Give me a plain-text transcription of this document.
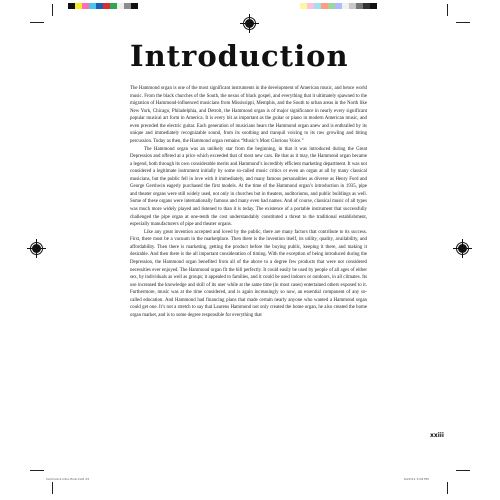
Introduction

The Hammond organ is one of the most significant instruments in the development of American music, and hence world music. From the black churches of the South, the nexus of black gospel, and everything that it ultimately spawned to the migration of Hammond-influenced musicians from Mississippi, Memphis, and the South to urban areas in the North like New York, Chicago, Philadelphia, and Detroit, the Hammond organ is of major significance in nearly every significant popular musical art form in America. It is every bit as important as the guitar or piano in modern American music, and even preceded the electric guitar. Each generation of musicians hears the Hammond organ anew and is enthralled by its unique and immediately recognizable sound, from its soothing and tranquil voicing to its raw growling and biting percussion. Today as then, the Hammond organ remains “Music’s Most Glorious Voice.”

The Hammond organ was an unlikely star from the beginning, in that it was introduced during the Great Depression and offered at a price which exceeded that of most new cars. Be that as it may, the Hammond organ became a legend, both through its own considerable merits and Hammond’s incredibly efficient marketing department. It was not considered a legitimate instrument initially by some so-called music critics or even an organ at all by many classical musicians, but the public fell in love with it immediately, and many famous personalities as diverse as Henry Ford and George Gershwin eagerly purchased the first models. At the time of the Hammond organ’s introduction in 1935, pipe and theater organs were still widely used, not only in churches but in theaters, auditoriums, and public buildings as well. Some of these organs were internationally famous and many even had names. And of course, classical music of all types was much more widely played and listened to than it is today. The existence of a portable instrument that successfully challenged the pipe organ at one-tenth the cost understandably constituted a threat to the traditional establishment, especially manufacturers of pipe and theater organs.

Like any great invention accepted and loved by the public, there are many factors that contribute to its success. First, there must be a vacuum in the marketplace. Then there is the invention itself, its utility, quality, availability, and affordability. Then there is marketing, getting the product before the buying public, keeping it there, and making it desirable. And then there is the all important consideration of timing. With the exception of being introduced during the Depression, the Hammond organ benefited from all of the above to a degree few products that were not considered necessities ever enjoyed. The Hammond organ fit the bill perfectly. It could easily be used by people of all ages of either sex, by individuals as well as groups; it appealed to families, and it could be used indoors or outdoors, in all climates. Its use increased the knowledge and skill of its user while at the same time (in most cases) entertained others exposed to it. Furthermore, music was at the time considered, and is again increasingly so now, an essential component of any so-called education. And Hammond had financing plans that made certain nearly anyone who wanted a Hammond organ could get one. It’s not a stretch to say that Laurens Hammond not only created the home organ, he also created the home organ market, and is to some degree responsible for everything that

xxiii
hammond-intro-final.indd 23	6/22/11 3:04 PM
